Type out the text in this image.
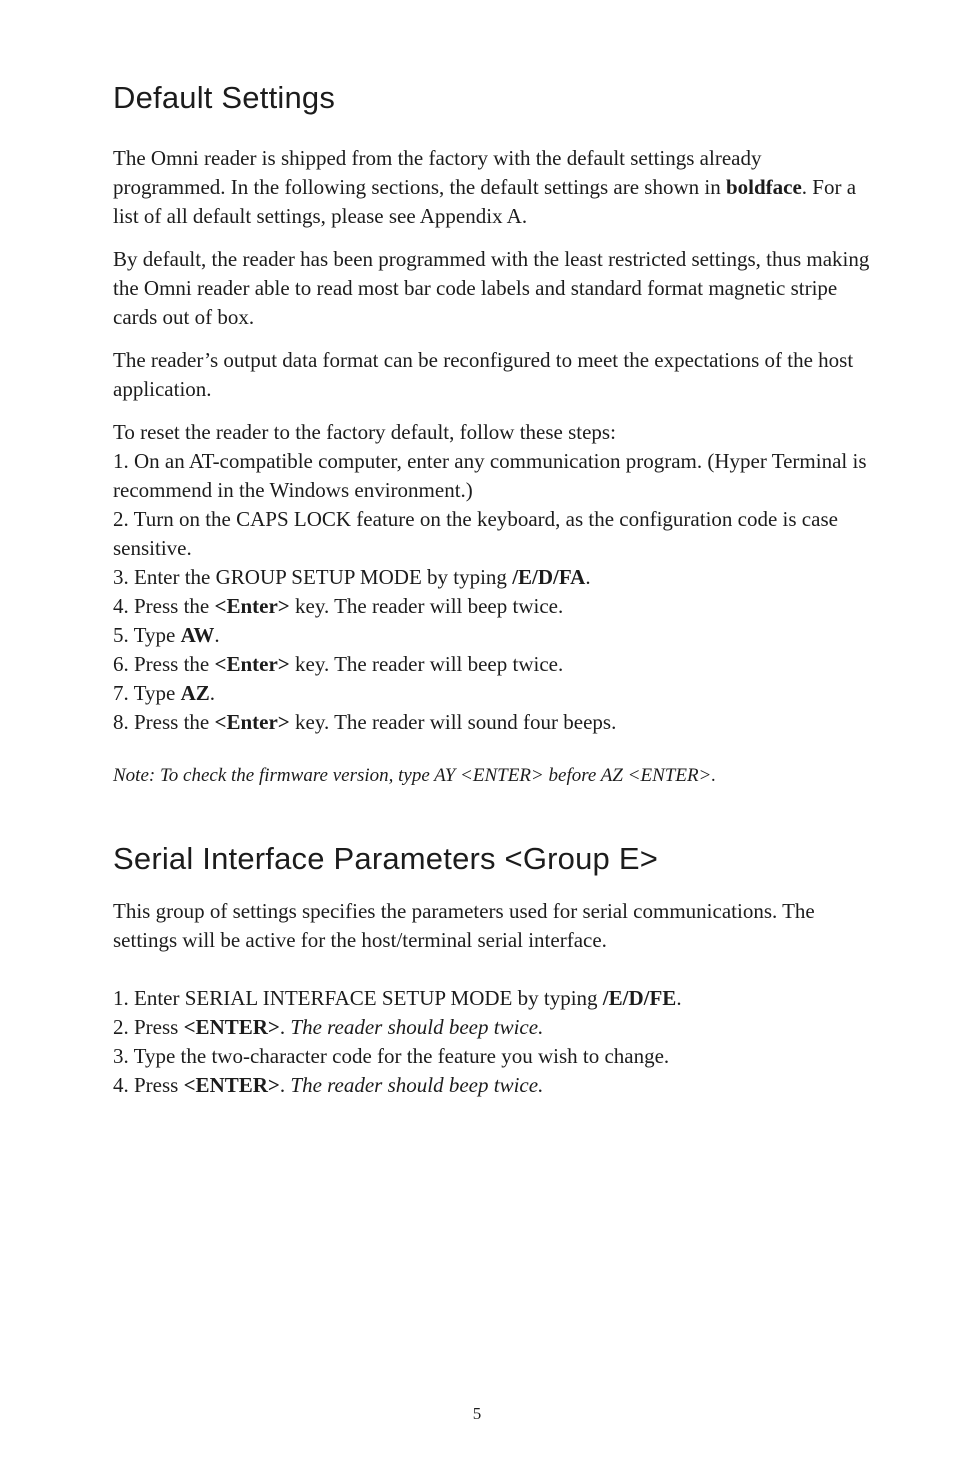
Default Settings

The Omni reader is shipped from the factory with the default settings already programmed. In the following sections, the default settings are shown in boldface. For a list of all default settings, please see Appendix A.

By default, the reader has been programmed with the least restricted settings, thus making the Omni reader able to read most bar code labels and standard format magnetic stripe cards out of box.

The reader’s output data format can be reconfigured to meet the expectations of the host application.

To reset the reader to the factory default, follow these steps:

1. On an AT-compatible computer, enter any communication program. (Hyper Terminal is recommend in the Windows environment.)

2. Turn on the CAPS LOCK feature on the keyboard, as the configuration code is case sensitive.

3. Enter the GROUP SETUP MODE by typing /E/D/FA.

4. Press the <Enter> key. The reader will beep twice.

5. Type AW.

6. Press the <Enter> key. The reader will beep twice.

7. Type AZ.

8. Press the <Enter> key. The reader will sound four beeps.

Note: To check the firmware version, type AY <ENTER> before AZ <ENTER>.

Serial Interface Parameters <Group E>

This group of settings specifies the parameters used for serial communications. The settings will be active for the host/terminal serial interface.

1. Enter SERIAL INTERFACE SETUP MODE by typing /E/D/FE.

2. Press <ENTER>. The reader should beep twice.

3. Type the two-character code for the feature you wish to change.

4. Press <ENTER>. The reader should beep twice.

5
